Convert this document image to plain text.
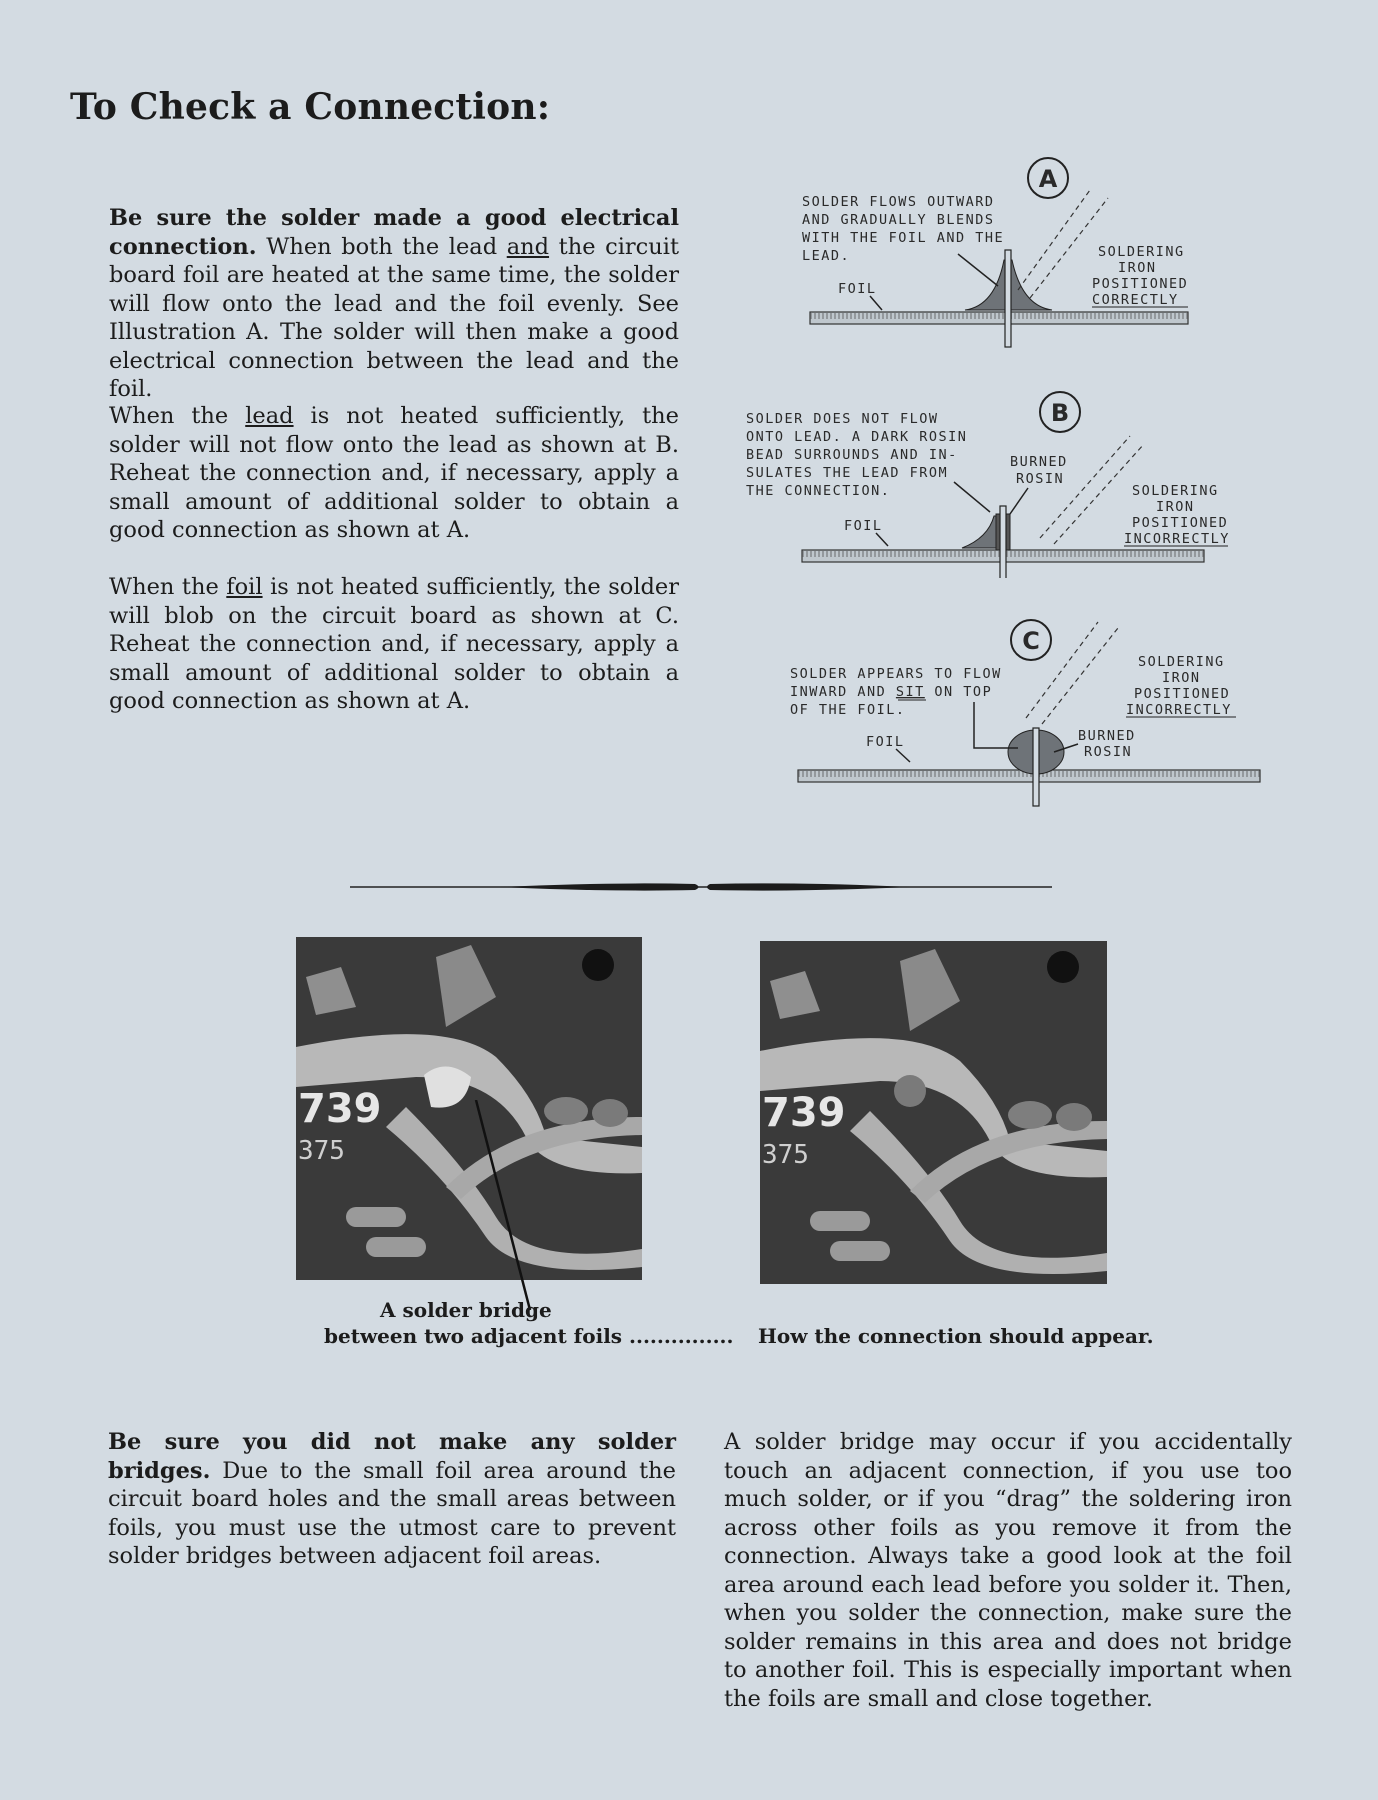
To Check a Connection:

Be sure the solder made a good electrical connection. When both the lead and the circuit board foil are heated at the same time, the solder will flow onto the lead and the foil evenly. See Illustration A. The solder will then make a good electrical connection between the lead and the foil.

When the lead is not heated sufficiently, the solder will not flow onto the lead as shown at B. Reheat the connection and, if necessary, apply a small amount of additional solder to obtain a good connection as shown at A.

When the foil is not heated sufficiently, the solder will blob on the circuit board as shown at C. Reheat the connection and, if necessary, apply a small amount of additional solder to obtain a good connection as shown at A.

A
SOLDER FLOWS OUTWARD
AND GRADUALLY BLENDS
WITH THE FOIL AND THE
LEAD.
FOIL
SOLDERING
IRON
POSITIONED
CORRECTLY
B
SOLDER DOES NOT FLOW
ONTO LEAD. A DARK ROSIN
BEAD SURROUNDS AND IN-
SULATES THE LEAD FROM
THE CONNECTION.
BURNED
ROSIN
FOIL
SOLDERING
IRON
POSITIONED
INCORRECTLY
C
SOLDER APPEARS TO FLOW
INWARD AND SIT ON TOP
OF THE FOIL.
FOIL	BURNED
ROSIN
SOLDERING
IRON
POSITIONED
INCORRECTLY
739
375
739
375

A solder bridge

between two adjacent foils ............... How the connection should appear.

Be sure you did not make any solder bridges. Due to the small foil area around the circuit board holes and the small areas between foils, you must use the utmost care to prevent solder bridges between adjacent foil areas.

A solder bridge may occur if you accidentally touch an adjacent connection, if you use too much solder, or if you “drag” the soldering iron across other foils as you remove it from the connection. Always take a good look at the foil area around each lead before you solder it. Then, when you solder the connection, make sure the solder remains in this area and does not bridge to another foil. This is especially important when the foils are small and close together.
